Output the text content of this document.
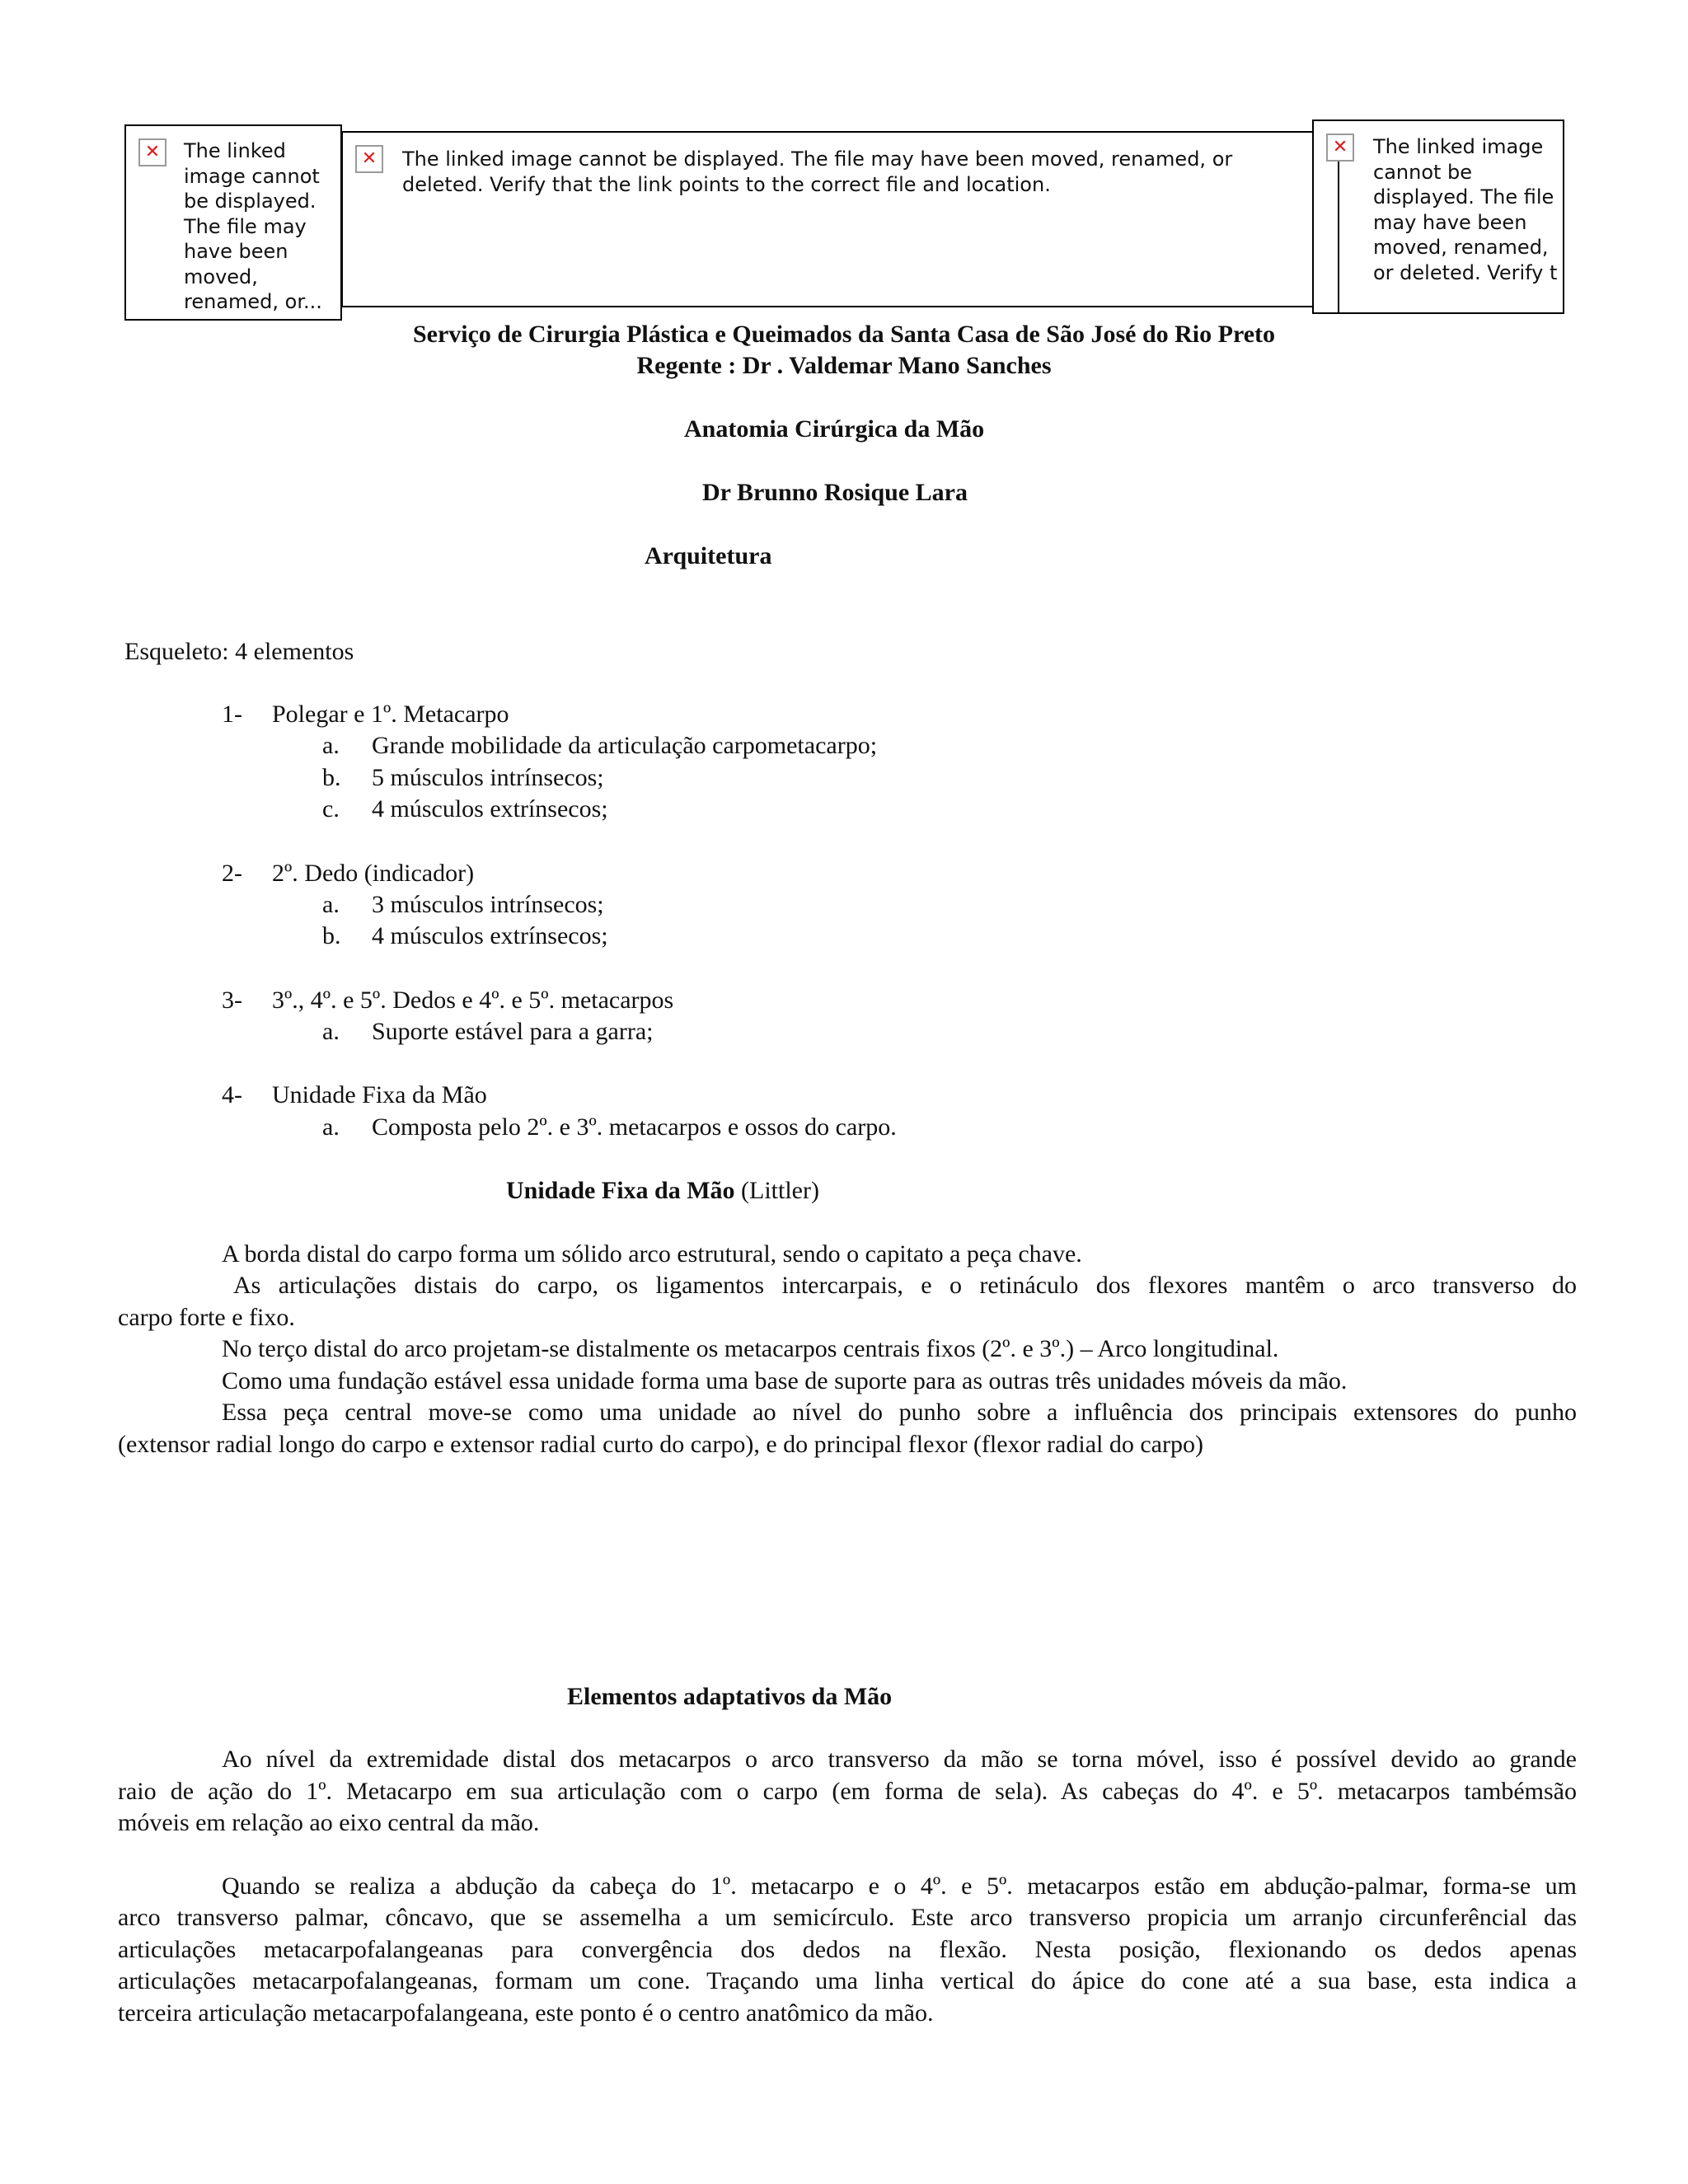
✕ The linked image cannot be displayed. The file may have been moved, renamed, or...
✕ The linked image cannot be displayed. The file may have been moved, renamed, or deleted. Verify that the link points to the correct file and location.
✕ The linked image cannot be displayed. The file may have been moved, renamed, or deleted. Verify t
Serviço de Cirurgia Plástica e Queimados da Santa Casa de São José do Rio Preto
Regente : Dr . Valdemar Mano Sanches
Anatomia Cirúrgica da Mão
Dr Brunno Rosique Lara
Arquitetura
Esqueleto: 4 elementos
1- Polegar e 1º. Metacarpo
a. Grande mobilidade da articulação carpometacarpo;
b. 5 músculos intrínsecos;
c. 4 músculos extrínsecos;
2- 2º. Dedo (indicador)
a. 3 músculos intrínsecos;
b. 4 músculos extrínsecos;
3- 3º., 4º. e 5º. Dedos e 4º. e 5º. metacarpos
a. Suporte estável para a garra;
4- Unidade Fixa da Mão
a. Composta pelo 2º. e 3º. metacarpos e ossos do carpo.
Unidade Fixa da Mão (Littler)
A borda distal do carpo forma um sólido arco estrutural, sendo o capitato a peça chave.
As articulações distais do carpo, os ligamentos intercarpais, e o retináculo dos flexores mantêm o arco transverso do
carpo forte e fixo.
No terço distal do arco projetam-se distalmente os metacarpos centrais fixos (2º. e 3º.) – Arco longitudinal.
Como uma fundação estável essa unidade forma uma base de suporte para as outras três unidades móveis da mão.
Essa peça central move-se como uma unidade ao nível do punho sobre a influência dos principais extensores do punho
(extensor radial longo do carpo e extensor radial curto do carpo), e do principal flexor (flexor radial do carpo)
Elementos adaptativos da Mão
Ao nível da extremidade distal dos metacarpos o arco transverso da mão se torna móvel, isso é possível devido ao grande
raio de ação do 1º. Metacarpo em sua articulação com o carpo (em forma de sela). As cabeças do 4º. e 5º. metacarpos tambémsão
móveis em relação ao eixo central da mão.
Quando se realiza a abdução da cabeça do 1º. metacarpo e o 4º. e 5º. metacarpos estão em abdução-palmar, forma-se um
arco transverso palmar, côncavo, que se assemelha a um semicírculo. Este arco transverso propicia um arranjo circunferêncial das
articulações metacarpofalangeanas para convergência dos dedos na flexão. Nesta posição, flexionando os dedos apenas
articulações metacarpofalangeanas, formam um cone. Traçando uma linha vertical do ápice do cone até a sua base, esta indica a
terceira articulação metacarpofalangeana, este ponto é o centro anatômico da mão.
